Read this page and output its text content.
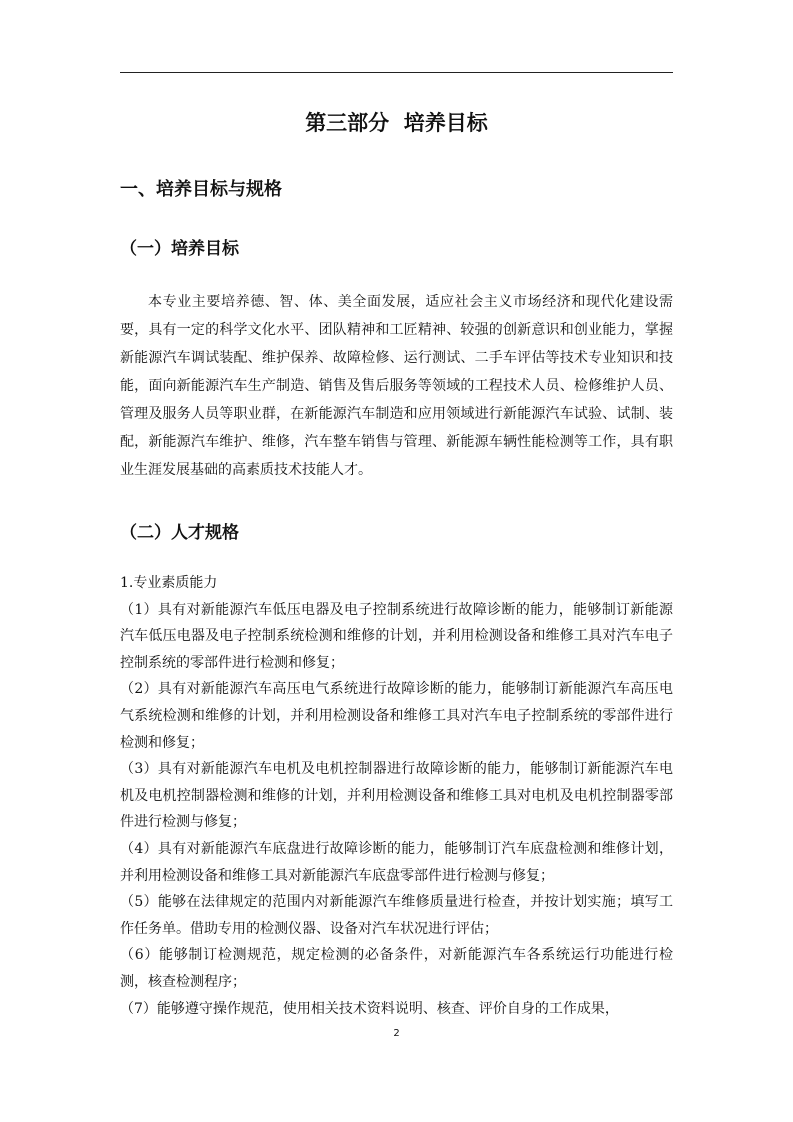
第三部分  培养目标
一、培养目标与规格
（一）培养目标

本专业主要培养德、智、体、美全面发展，适应社会主义市场经济和现代化建设需要，具有一定的科学文化水平、团队精神和工匠精神、较强的创新意识和创业能力，掌握新能源汽车调试装配、维护保养、故障检修、运行测试、二手车评估等技术专业知识和技能，面向新能源汽车生产制造、销售及售后服务等领域的工程技术人员、检修维护人员、管理及服务人员等职业群，在新能源汽车制造和应用领域进行新能源汽车试验、试制、装配，新能源汽车维护、维修，汽车整车销售与管理、新能源车辆性能检测等工作，具有职业生涯发展基础的高素质技术技能人才。

（二）人才规格

1.专业素质能力

（1）具有对新能源汽车低压电器及电子控制系统进行故障诊断的能力，能够制订新能源汽车低压电器及电子控制系统检测和维修的计划，并利用检测设备和维修工具对汽车电子控制系统的零部件进行检测和修复；

（2）具有对新能源汽车高压电气系统进行故障诊断的能力，能够制订新能源汽车高压电气系统检测和维修的计划，并利用检测设备和维修工具对汽车电子控制系统的零部件进行检测和修复；

（3）具有对新能源汽车电机及电机控制器进行故障诊断的能力，能够制订新能源汽车电机及电机控制器检测和维修的计划，并利用检测设备和维修工具对电机及电机控制器零部件进行检测与修复；

（4）具有对新能源汽车底盘进行故障诊断的能力，能够制订汽车底盘检测和维修计划，并利用检测设备和维修工具对新能源汽车底盘零部件进行检测与修复；

（5）能够在法律规定的范围内对新能源汽车维修质量进行检查，并按计划实施；填写工作任务单。借助专用的检测仪器、设备对汽车状况进行评估；

（6）能够制订检测规范，规定检测的必备条件，对新能源汽车各系统运行功能进行检测，核查检测程序；

（7）能够遵守操作规范，使用相关技术资料说明、核查、评价自身的工作成果，

2
